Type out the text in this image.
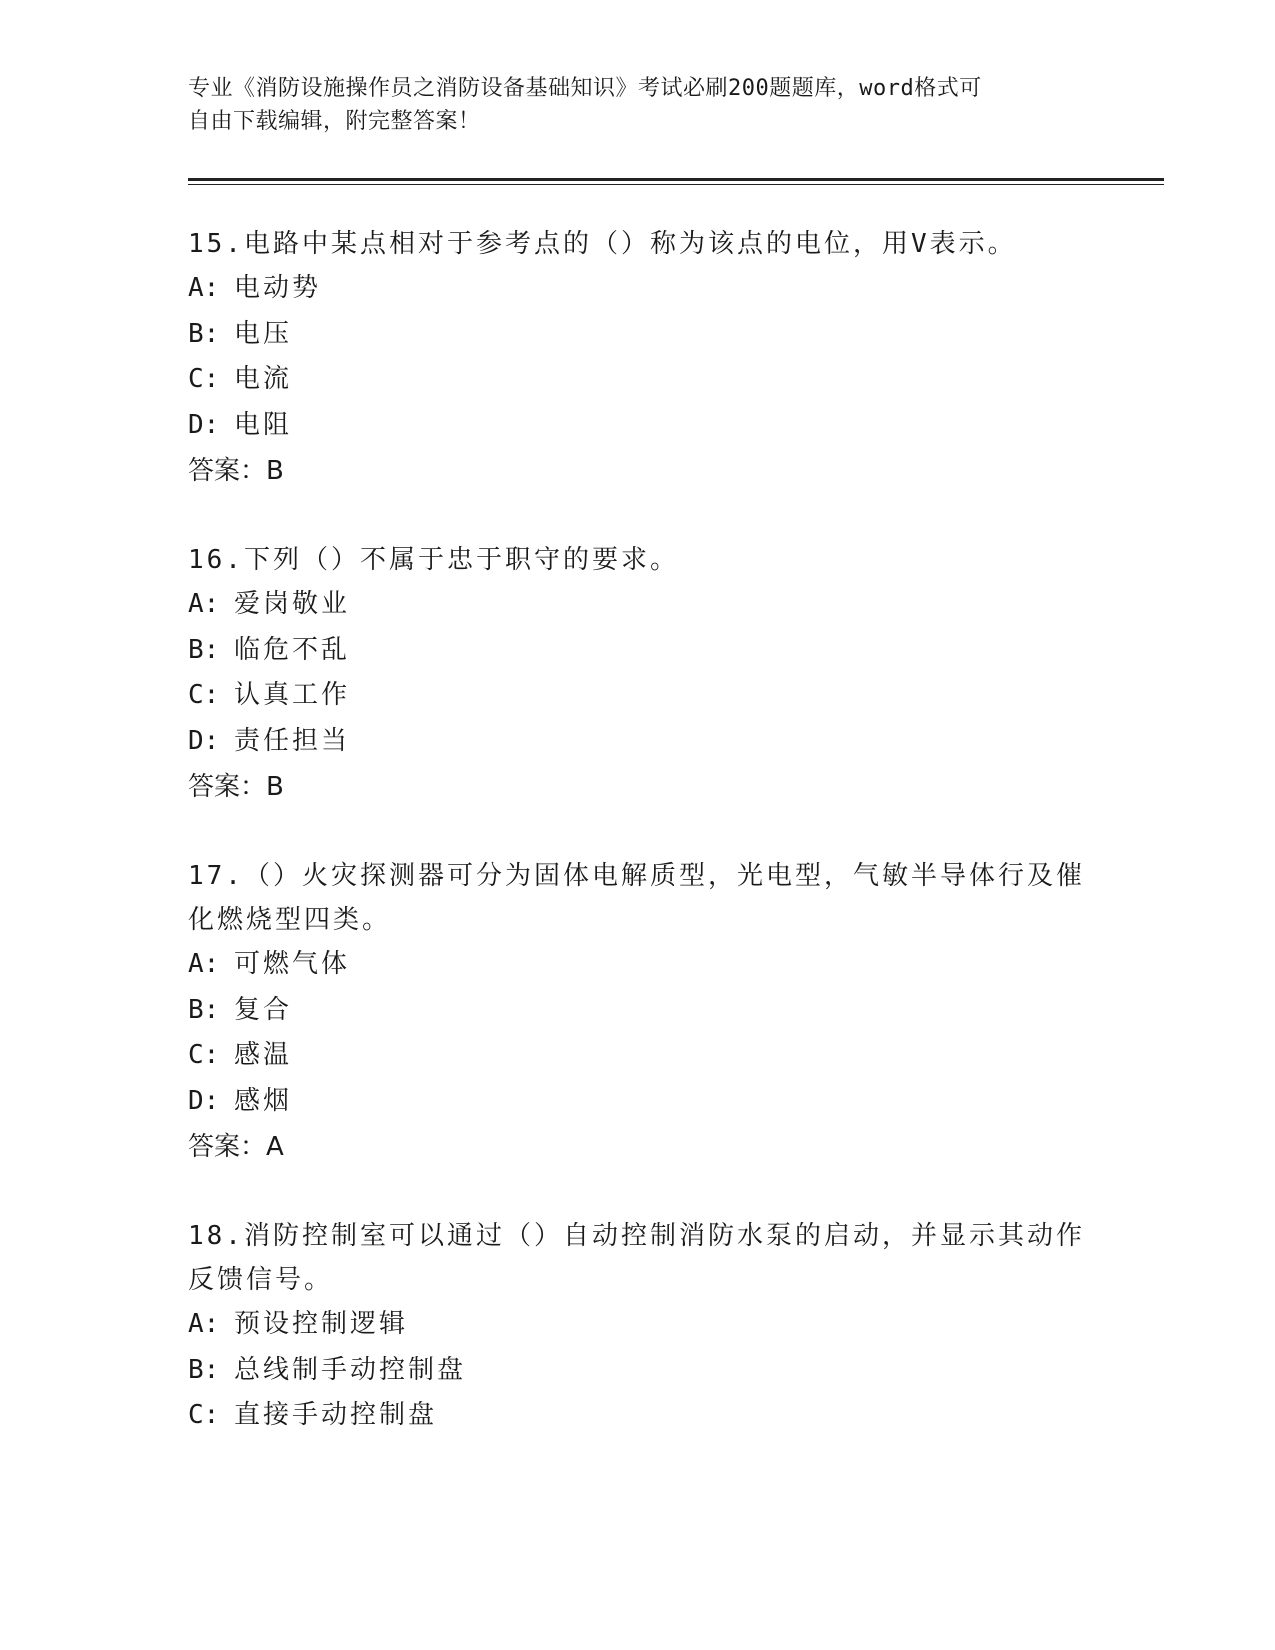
专业《消防设施操作员之消防设备基础知识》考试必刷200题题库，word格式可
自由下载编辑，附完整答案！
15.电路中某点相对于参考点的（）称为该点的电位，用V表示。
A: 电动势
B: 电压
C: 电流
D: 电阻
答案：B
16.下列（）不属于忠于职守的要求。
A: 爱岗敬业
B: 临危不乱
C: 认真工作
D: 责任担当
答案：B
17.（）火灾探测器可分为固体电解质型，光电型，气敏半导体行及催
化燃烧型四类。
A: 可燃气体
B: 复合
C: 感温
D: 感烟
答案：A
18.消防控制室可以通过（）自动控制消防水泵的启动，并显示其动作
反馈信号。
A: 预设控制逻辑
B: 总线制手动控制盘
C: 直接手动控制盘
